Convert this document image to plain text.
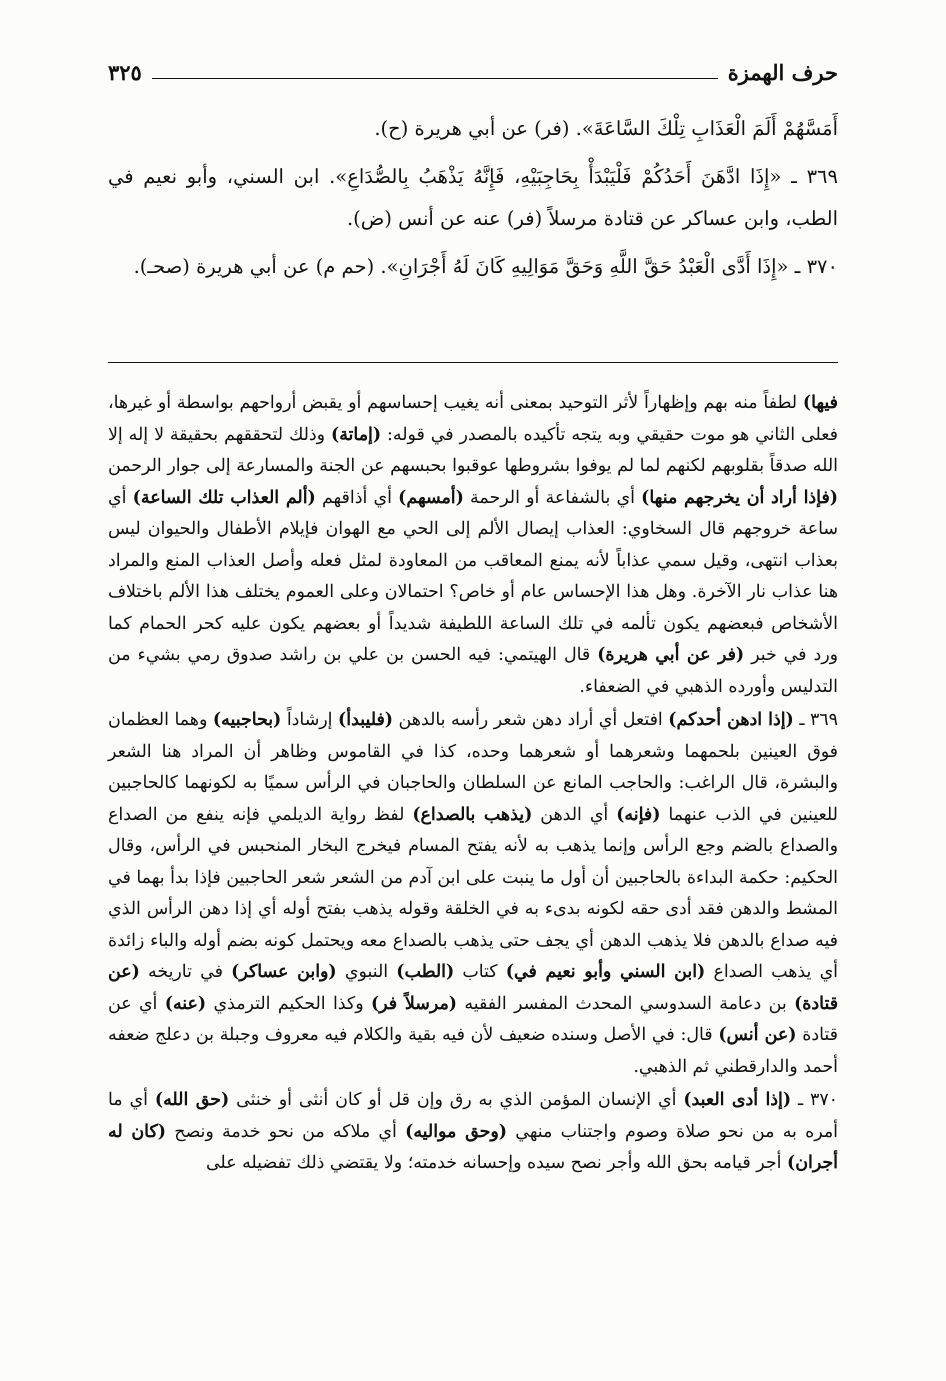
حرف الهمزة
٣٢٥

أَمَسَّهُمْ أَلَمَ الْعَذَابِ تِلْكَ السَّاعَةَ». (فر) عن أبي هريرة (ح).

٣٦٩ ـ «إِذَا ادَّهَنَ أَحَدُكُمْ فَلْيَبْدَأْ بِحَاجِبَيْهِ، فَإِنَّهُ يَذْهَبُ بِالصُّدَاعِ». ابن السني، وأبو نعيم في الطب، وابن عساكر عن قتادة مرسلاً (فر) عنه عن أنس (ض).

٣٧٠ ـ «إِذَا أَدَّى الْعَبْدُ حَقَّ اللَّهِ وَحَقَّ مَوَالِيهِ كَانَ لَهُ أَجْرَانِ». (حم م) عن أبي هريرة (صحـ).

فيها) لطفاً منه بهم وإظهاراً لأثر التوحيد بمعنى أنه يغيب إحساسهم أو يقبض أرواحهم بواسطة أو غيرها، فعلى الثاني هو موت حقيقي وبه يتجه تأكيده بالمصدر في قوله: (إماتة) وذلك لتحققهم بحقيقة لا إله إلا الله صدقاً بقلوبهم لكنهم لما لم يوفوا بشروطها عوقبوا بحبسهم عن الجنة والمسارعة إلى جوار الرحمن (فإذا أراد أن يخرجهم منها) أي بالشفاعة أو الرحمة (أمسهم) أي أذاقهم (ألم العذاب تلك الساعة) أي ساعة خروجهم قال السخاوي: العذاب إيصال الألم إلى الحي مع الهوان فإيلام الأطفال والحيوان ليس بعذاب انتهى، وقيل سمي عذاباً لأنه يمنع المعاقب من المعاودة لمثل فعله وأصل العذاب المنع والمراد هنا عذاب نار الآخرة. وهل هذا الإحساس عام أو خاص؟ احتمالان وعلى العموم يختلف هذا الألم باختلاف الأشخاص فبعضهم يكون تألمه في تلك الساعة اللطيفة شديداً أو بعضهم يكون عليه كحر الحمام كما ورد في خبر (فر عن أبي هريرة) قال الهيتمي: فيه الحسن بن علي بن راشد صدوق رمي بشيء من التدليس وأورده الذهبي في الضعفاء.

٣٦٩ ـ (إذا ادهن أحدكم) افتعل أي أراد دهن شعر رأسه بالدهن (فليبدأ) إرشاداً (بحاجبيه) وهما العظمان فوق العينين بلحمهما وشعرهما أو شعرهما وحده، كذا في القاموس وظاهر أن المراد هنا الشعر والبشرة، قال الراغب: والحاجب المانع عن السلطان والحاجبان في الرأس سميًا به لكونهما كالحاجبين للعينين في الذب عنهما (فإنه) أي الدهن (يذهب بالصداع) لفظ رواية الديلمي فإنه ينفع من الصداع والصداع بالضم وجع الرأس وإنما يذهب به لأنه يفتح المسام فيخرج البخار المنحبس في الرأس، وقال الحكيم: حكمة البداءة بالحاجبين أن أول ما ينبت على ابن آدم من الشعر شعر الحاجبين فإذا بدأ بهما في المشط والدهن فقد أدى حقه لكونه بدىء به في الخلقة وقوله يذهب بفتح أوله أي إذا دهن الرأس الذي فيه صداع بالدهن فلا يذهب الدهن أي يجف حتى يذهب بالصداع معه ويحتمل كونه بضم أوله والباء زائدة أي يذهب الصداع (ابن السني وأبو نعيم في) كتاب (الطب) النبوي (وابن عساكر) في تاريخه (عن قتادة) بن دعامة السدوسي المحدث المفسر الفقيه (مرسلاً فر) وكذا الحكيم الترمذي (عنه) أي عن قتادة (عن أنس) قال: في الأصل وسنده ضعيف لأن فيه بقية والكلام فيه معروف وجبلة بن دعلج ضعفه أحمد والدارقطني ثم الذهبي.

٣٧٠ ـ (إذا أدى العبد) أي الإنسان المؤمن الذي به رق وإن قل أو كان أنثى أو خنثى (حق الله) أي ما أمره به من نحو صلاة وصوم واجتناب منهي (وحق مواليه) أي ملاكه من نحو خدمة ونصح (كان له أجران) أجر قيامه بحق الله وأجر نصح سيده وإحسانه خدمته؛ ولا يقتضي ذلك تفضيله على
